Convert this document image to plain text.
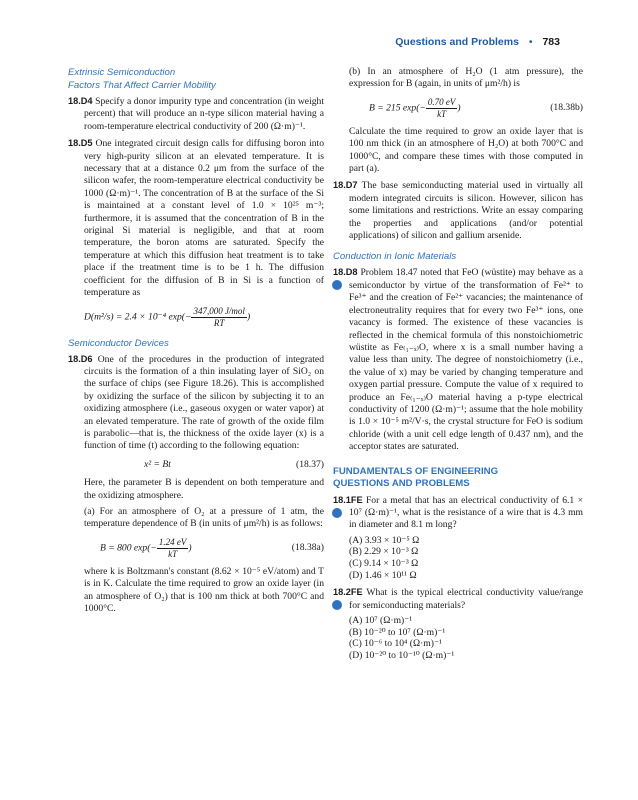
Questions and Problems • 783

Extrinsic Semiconduction

Factors That Affect Carrier Mobility

18.D4 Specify a donor impurity type and concentration (in weight percent) that will produce an n-type silicon material having a room-temperature electrical conductivity of 200 (Ω·m)⁻¹.

18.D5 One integrated circuit design calls for diffusing boron into very high-purity silicon at an elevated temperature. It is necessary that at a distance 0.2 μm from the surface of the silicon wafer, the room-temperature electrical conductivity be 1000 (Ω·m)⁻¹. The concentration of B at the surface of the Si is maintained at a constant level of 1.0 × 10²⁵ m⁻³; furthermore, it is assumed that the concentration of B in the original Si material is negligible, and that at room temperature, the boron atoms are saturated. Specify the temperature at which this diffusion heat treatment is to take place if the treatment time is to be 1 h. The diffusion coefficient for the diffusion of B in Si is a function of temperature as

D(m²/s) = 2.4 × 10⁻⁴ $\exp(- \frac{\text{347,000 J/mol}}{RT}$ )

Semiconductor Devices

18.D6 One of the procedures in the production of integrated circuits is the formation of a thin insulating layer of SiO₂ on the surface of chips (see Figure 18.26). This is accomplished by oxidizing the surface of the silicon by subjecting it to an oxidizing atmosphere (i.e., gaseous oxygen or water vapor) at an elevated temperature. The rate of growth of the oxide film is parabolic—that is, the thickness of the oxide layer (x) is a function of time (t) according to the following equation:

x² = Bt	(18.37)

Here, the parameter B is dependent on both temperature and the oxidizing atmosphere.

(a) For an atmosphere of O₂ at a pressure of 1 atm, the temperature dependence of B (in units of μm²/h) is as follows:

B = 800 $\exp(- \frac{1.24 eV}{kT}$ )	(18.38a)

where k is Boltzmann's constant (8.62 × 10⁻⁵ eV/atom) and T is in K. Calculate the time required to grow an oxide layer (in an atmosphere of O₂) that is 100 nm thick at both 700°C and 1000°C.

(b) In an atmosphere of H₂O (1 atm pressure), the expression for B (again, in units of μm²/h) is

B = 215 $\exp(- \frac{0.70 eV}{kT}$ )	(18.38b)

Calculate the time required to grow an oxide layer that is 100 nm thick (in an atmosphere of H₂O) at both 700°C and 1000°C, and compare these times with those computed in part (a).

18.D7 The base semiconducting material used in virtually all modern integrated circuits is silicon. However, silicon has some limitations and restrictions. Write an essay comparing the properties and applications (and/or potential applications) of silicon and gallium arsenide.

Conduction in Ionic Materials

+
18.D8 Problem 18.47 noted that FeO (wüstite) may behave as a semiconductor by virtue of the transformation of Fe²⁺ to Fe³⁺ and the creation of Fe²⁺ vacancies; the maintenance of electroneutrality requires that for every two Fe³⁺ ions, one vacancy is formed. The existence of these vacancies is reflected in the chemical formula of this nonstoichiometric wüstite as Fe₍₁₋ₓ₎O, where x is a small number having a value less than unity. The degree of nonstoichiometry (i.e., the value of x) may be varied by changing temperature and oxygen partial pressure. Compute the value of x required to produce an Fe₍₁₋ₓ₎O material having a p-type electrical conductivity of 1200 (Ω·m)⁻¹; assume that the hole mobility is 1.0 × 10⁻⁵ m²/V·s, the crystal structure for FeO is sodium chloride (with a unit cell edge length of 0.437 nm), and the acceptor states are saturated.

FUNDAMENTALS OF ENGINEERING
QUESTIONS AND PROBLEMS

+
18.1FE For a metal that has an electrical conductivity of 6.1 × 10⁷ (Ω·m)⁻¹, what is the resistance of a wire that is 4.3 mm in diameter and 8.1 m long?

(A) 3.93 × 10⁻⁵ Ω
(B) 2.29 × 10⁻³ Ω
(C) 9.14 × 10⁻³ Ω
(D) 1.46 × 10¹¹ Ω

+
18.2FE What is the typical electrical conductivity value/range for semiconducting materials?

(A) 10⁷ (Ω·m)⁻¹
(B) 10⁻²⁰ to 10⁷ (Ω·m)⁻¹
(C) 10⁻⁶ to 10⁴ (Ω·m)⁻¹
(D) 10⁻²⁰ to 10⁻¹⁰ (Ω·m)⁻¹
